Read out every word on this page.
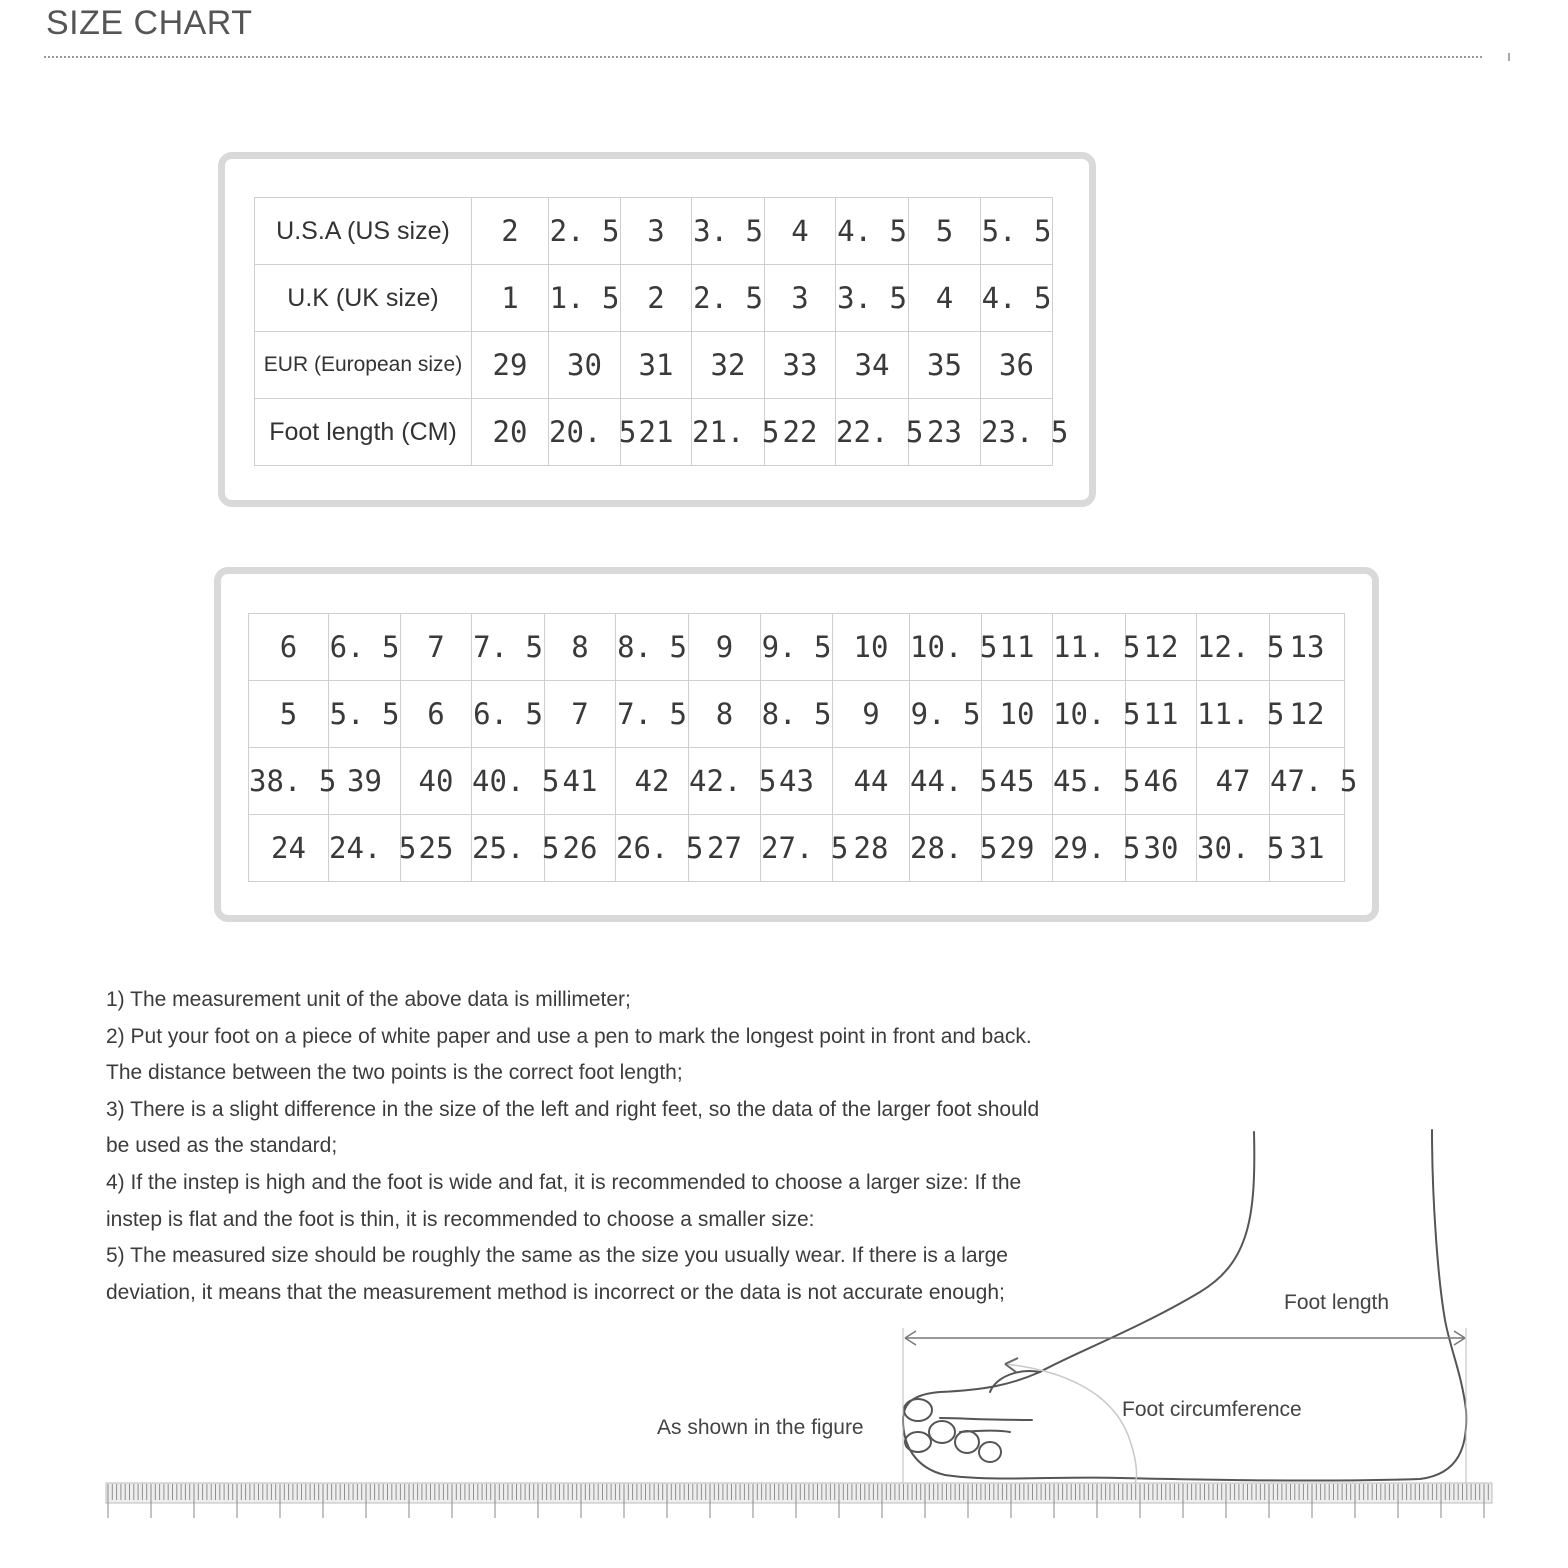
SIZE CHART
U.S.A (US size)	2	2. 5	3	3. 5	4	4. 5	5	5. 5
U.K (UK size)	1	1. 5	2	2. 5	3	3. 5	4	4. 5
EUR (European size)	29	30	31	32	33	34	35	36
Foot length (CM)	20	20. 5	21	21. 5	22	22. 5	23	23. 5
6	6. 5	7	7. 5	8	8. 5	9	9. 5	10	10. 5	11	11. 5	12	12. 5	13
5	5. 5	6	6. 5	7	7. 5	8	8. 5	9	9. 5	10	10. 5	11	11. 5	12
38. 5	39	40	40. 5	41	42	42. 5	43	44	44. 5	45	45. 5	46	47	47. 5
24	24. 5	25	25. 5	26	26. 5	27	27. 5	28	28. 5	29	29. 5	30	30. 5	31
1) The measurement unit of the above data is millimeter;
2) Put your foot on a piece of white paper and use a pen to mark the longest point in front and back.
The distance between the two points is the correct foot length;
3) There is a slight difference in the size of the left and right feet, so the data of the larger foot should
be used as the standard;
4) If the instep is high and the foot is wide and fat, it is recommended to choose a larger size: If the
instep is flat and the foot is thin, it is recommended to choose a smaller size:
5) The measured size should be roughly the same as the size you usually wear. If there is a large
deviation, it means that the measurement method is incorrect or the data is not accurate enough;
As shown in the figure
Foot length
Foot circumference
